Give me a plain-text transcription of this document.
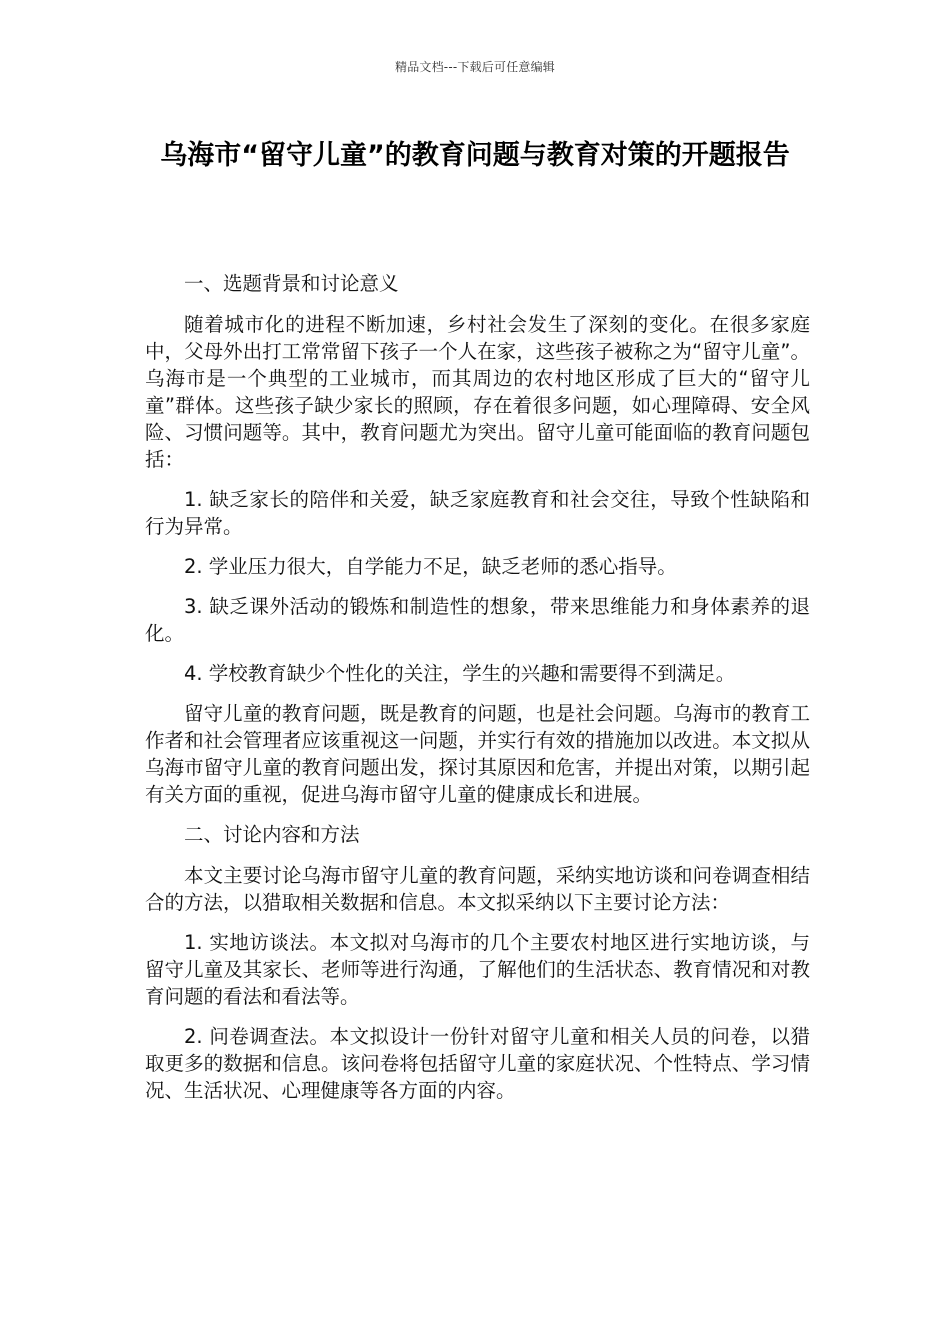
精品文档---下载后可任意编辑
乌海市“留守儿童”的教育问题与教育对策的开题报告

一、选题背景和讨论意义

随着城市化的进程不断加速，乡村社会发生了深刻的变化。在很多家庭中，父母外出打工常常留下孩子一个人在家，这些孩子被称之为“留守儿童”。乌海市是一个典型的工业城市，而其周边的农村地区形成了巨大的“留守儿童”群体。这些孩子缺少家长的照顾，存在着很多问题，如心理障碍、安全风险、习惯问题等。其中，教育问题尤为突出。留守儿童可能面临的教育问题包括：

1. 缺乏家长的陪伴和关爱，缺乏家庭教育和社会交往，导致个性缺陷和行为异常。

2. 学业压力很大，自学能力不足，缺乏老师的悉心指导。

3. 缺乏课外活动的锻炼和制造性的想象，带来思维能力和身体素养的退化。

4. 学校教育缺少个性化的关注，学生的兴趣和需要得不到满足。

留守儿童的教育问题，既是教育的问题，也是社会问题。乌海市的教育工作者和社会管理者应该重视这一问题，并实行有效的措施加以改进。本文拟从乌海市留守儿童的教育问题出发，探讨其原因和危害，并提出对策，以期引起有关方面的重视，促进乌海市留守儿童的健康成长和进展。

二、讨论内容和方法

本文主要讨论乌海市留守儿童的教育问题，采纳实地访谈和问卷调查相结合的方法，以猎取相关数据和信息。本文拟采纳以下主要讨论方法：

1. 实地访谈法。本文拟对乌海市的几个主要农村地区进行实地访谈，与留守儿童及其家长、老师等进行沟通，了解他们的生活状态、教育情况和对教育问题的看法和看法等。

2. 问卷调查法。本文拟设计一份针对留守儿童和相关人员的问卷，以猎取更多的数据和信息。该问卷将包括留守儿童的家庭状况、个性特点、学习情况、生活状况、心理健康等各方面的内容。
